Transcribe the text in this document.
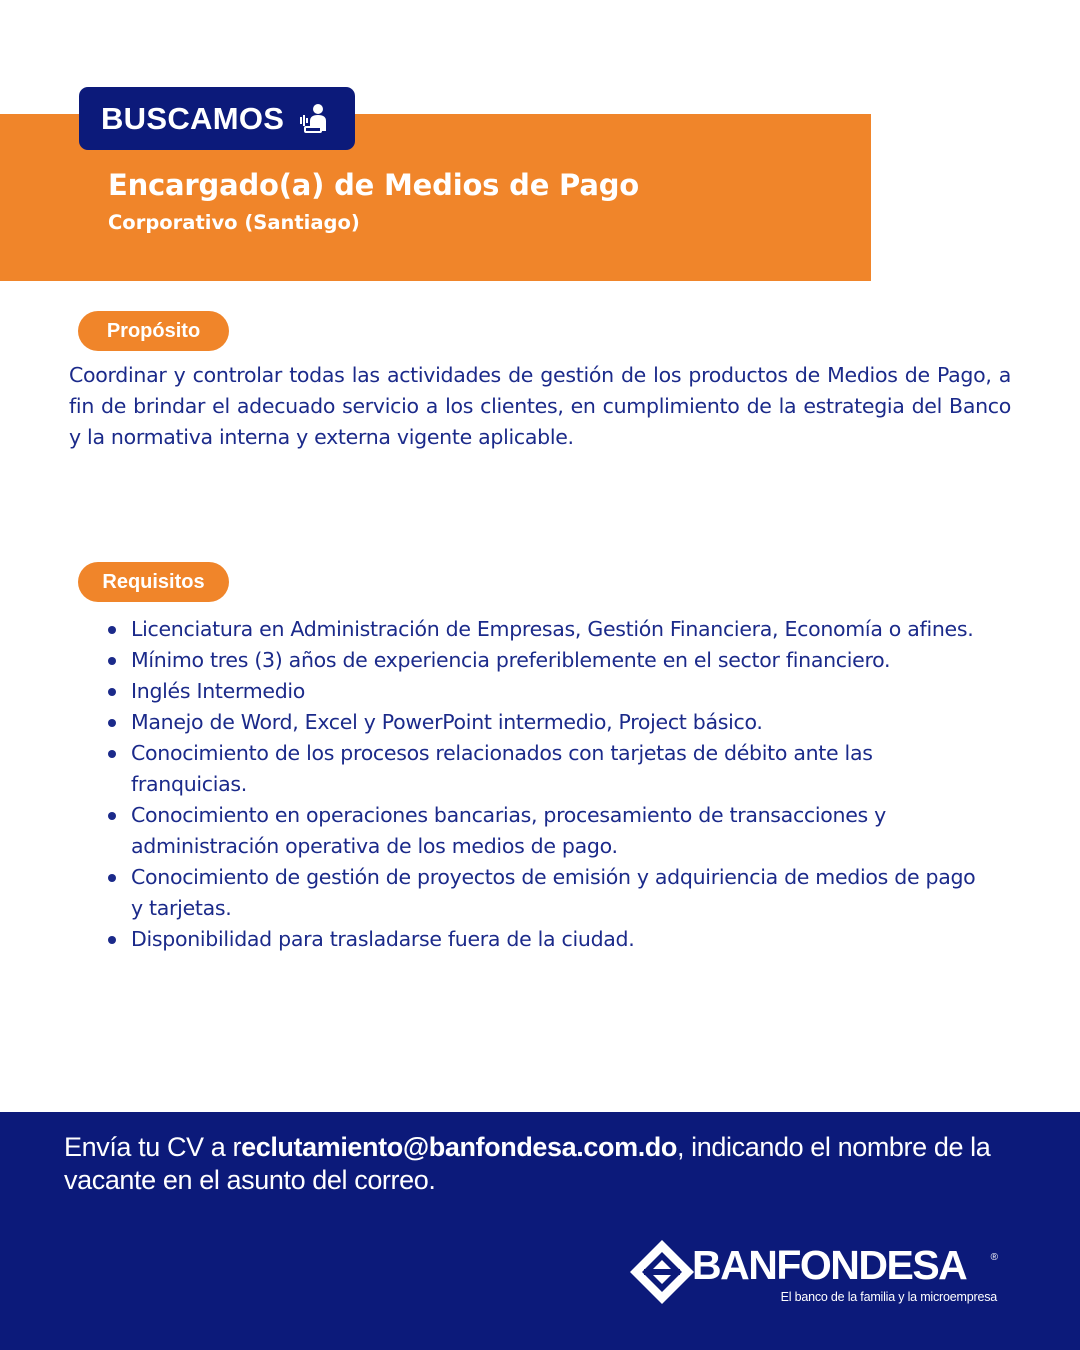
BUSCAMOS
Encargado(a) de Medios de Pago
Corporativo (Santiago)
Propósito

Coordinar y controlar todas las actividades de gestión de los productos de Medios de Pago, a fin de brindar el adecuado servicio a los clientes, en cumplimiento de la estrategia del Banco y la normativa interna y externa vigente aplicable.

Requisitos
Licenciatura en Administración de Empresas, Gestión Financiera, Economía o afines.
Mínimo tres (3) años de experiencia preferiblemente en el sector financiero.
Inglés Intermedio
Manejo de Word, Excel y PowerPoint intermedio, Project básico.
Conocimiento de los procesos relacionados con tarjetas de débito ante las franquicias.
Conocimiento en operaciones bancarias, procesamiento de transacciones y administración operativa de los medios de pago.
Conocimiento de gestión de proyectos de emisión y adquiriencia de medios de pago y tarjetas.
Disponibilidad para trasladarse fuera de la ciudad.

Envía tu CV a reclutamiento@banfondesa.com.do, indicando el nombre de la vacante en el asunto del correo.

BANFONDESA ®
El banco de la familia y la microempresa
